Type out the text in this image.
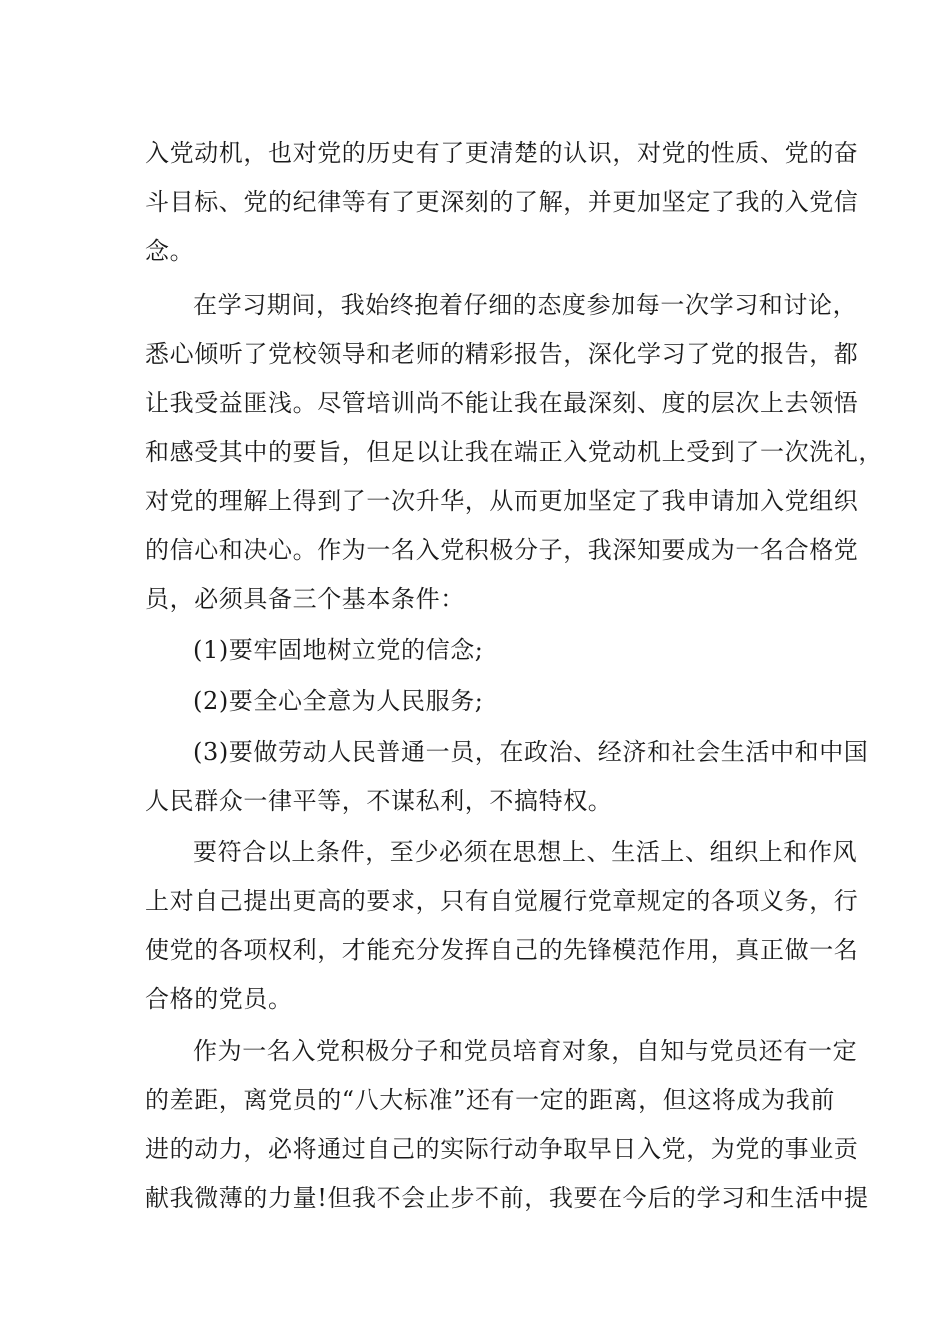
入党动机，也对党的历史有了更清楚的认识，对党的性质、党的奋
斗目标、党的纪律等有了更深刻的了解，并更加坚定了我的入党信
念。
在学习期间，我始终抱着仔细的态度参加每一次学习和讨论，
悉心倾听了党校领导和老师的精彩报告，深化学习了党的报告，都
让我受益匪浅。尽管培训尚不能让我在最深刻、度的层次上去领悟
和感受其中的要旨，但足以让我在端正入党动机上受到了一次洗礼，
对党的理解上得到了一次升华，从而更加坚定了我申请加入党组织
的信心和决心。作为一名入党积极分子，我深知要成为一名合格党
员，必须具备三个基本条件：
(1)要牢固地树立党的信念;
(2)要全心全意为人民服务;
(3)要做劳动人民普通一员，在政治、经济和社会生活中和中国
人民群众一律平等，不谋私利，不搞特权。
要符合以上条件，至少必须在思想上、生活上、组织上和作风
上对自己提出更高的要求，只有自觉履行党章规定的各项义务，行
使党的各项权利，才能充分发挥自己的先锋模范作用，真正做一名
合格的党员。
作为一名入党积极分子和党员培育对象，自知与党员还有一定
的差距，离党员的“八大标准”还有一定的距离，但这将成为我前
进的动力，必将通过自己的实际行动争取早日入党，为党的事业贡
献我微薄的力量!但我不会止步不前，我要在今后的学习和生活中提
